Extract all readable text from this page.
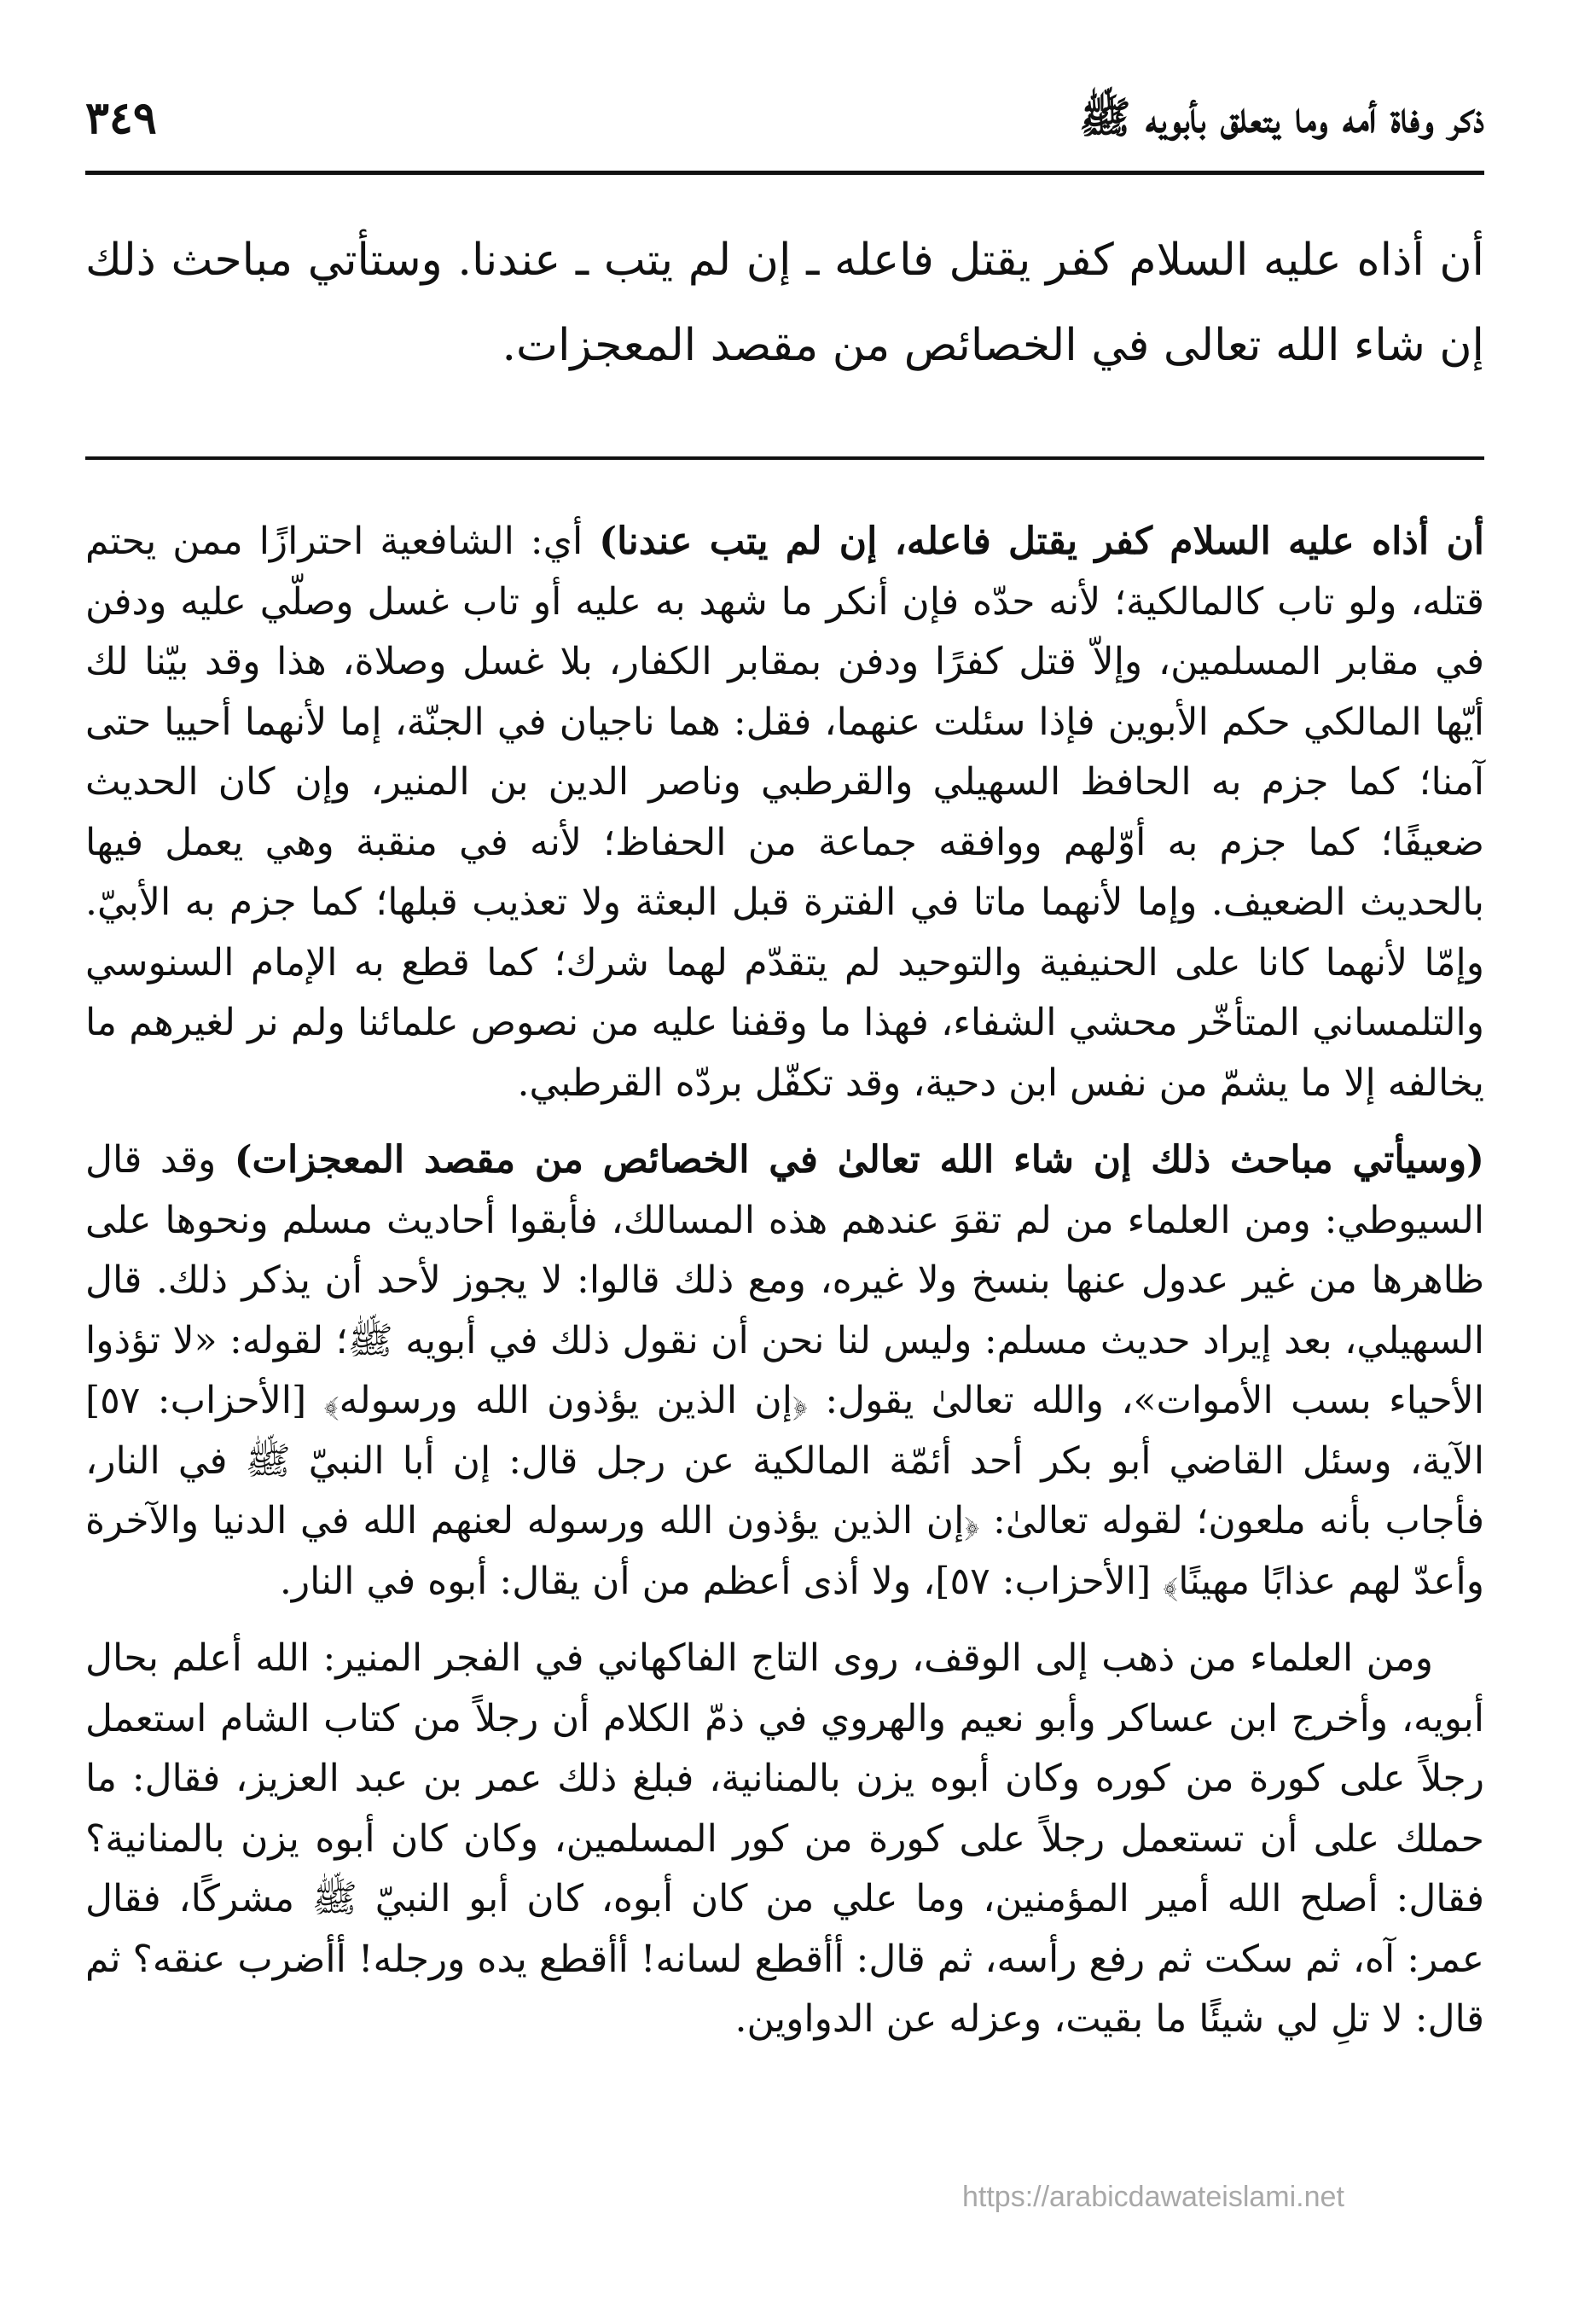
ذكر وفاة أمه وما يتعلق بأبويه ﷺ
٣٤٩

أن أذاه عليه السلام كفر يقتل فاعله ـ إن لم يتب ـ عندنا. وستأتي مباحث ذلك إن شاء الله تعالى في الخصائص من مقصد المعجزات.

أن أذاه عليه السلام كفر يقتل فاعله، إن لم يتب عندنا) أي: الشافعية احترازًا ممن يحتم قتله، ولو تاب كالمالكية؛ لأنه حدّه فإن أنكر ما شهد به عليه أو تاب غسل وصلّي عليه ودفن في مقابر المسلمين، وإلاّ قتل كفرًا ودفن بمقابر الكفار، بلا غسل وصلاة، هذا وقد بيّنا لك أيّها المالكي حكم الأبوين فإذا سئلت عنهما، فقل: هما ناجيان في الجنّة، إما لأنهما أحييا حتى آمنا؛ كما جزم به الحافظ السهيلي والقرطبي وناصر الدين بن المنير، وإن كان الحديث ضعيفًا؛ كما جزم به أوّلهم ووافقه جماعة من الحفاظ؛ لأنه في منقبة وهي يعمل فيها بالحديث الضعيف. وإما لأنهما ماتا في الفترة قبل البعثة ولا تعذيب قبلها؛ كما جزم به الأبيّ. وإمّا لأنهما كانا على الحنيفية والتوحيد لم يتقدّم لهما شرك؛ كما قطع به الإمام السنوسي والتلمساني المتأخّر محشي الشفاء، فهذا ما وقفنا عليه من نصوص علمائنا ولم نر لغيرهم ما يخالفه إلا ما يشمّ من نفس ابن دحية، وقد تكفّل بردّه القرطبي.

(وسيأتي مباحث ذلك إن شاء الله تعالىٰ في الخصائص من مقصد المعجزات) وقد قال السيوطي: ومن العلماء من لم تقوَ عندهم هذه المسالك، فأبقوا أحاديث مسلم ونحوها على ظاهرها من غير عدول عنها بنسخ ولا غيره، ومع ذلك قالوا: لا يجوز لأحد أن يذكر ذلك. قال السهيلي، بعد إيراد حديث مسلم: وليس لنا نحن أن نقول ذلك في أبويه ﷺ؛ لقوله: «لا تؤذوا الأحياء بسب الأموات»، والله تعالىٰ يقول: ﴿إن الذين يؤذون الله ورسوله﴾ [الأحزاب: ٥٧] الآية، وسئل القاضي أبو بكر أحد أئمّة المالكية عن رجل قال: إن أبا النبيّ ﷺ في النار، فأجاب بأنه ملعون؛ لقوله تعالىٰ: ﴿إن الذين يؤذون الله ورسوله لعنهم الله في الدنيا والآخرة وأعدّ لهم عذابًا مهينًا﴾ [الأحزاب: ٥٧]، ولا أذى أعظم من أن يقال: أبوه في النار.

ومن العلماء من ذهب إلى الوقف، روى التاج الفاكهاني في الفجر المنير: الله أعلم بحال أبويه، وأخرج ابن عساكر وأبو نعيم والهروي في ذمّ الكلام أن رجلاً من كتاب الشام استعمل رجلاً على كورة من كوره وكان أبوه يزن بالمنانية، فبلغ ذلك عمر بن عبد العزيز، فقال: ما حملك على أن تستعمل رجلاً على كورة من كور المسلمين، وكان كان أبوه يزن بالمنانية؟ فقال: أصلح الله أمير المؤمنين، وما علي من كان أبوه، كان أبو النبيّ ﷺ مشركًا، فقال عمر: آه، ثم سكت ثم رفع رأسه، ثم قال: أأقطع لسانه! أأقطع يده ورجله! أأضرب عنقه؟ ثم قال: لا تلِ لي شيئًا ما بقيت، وعزله عن الدواوين.

https://arabicdawateislami.net
